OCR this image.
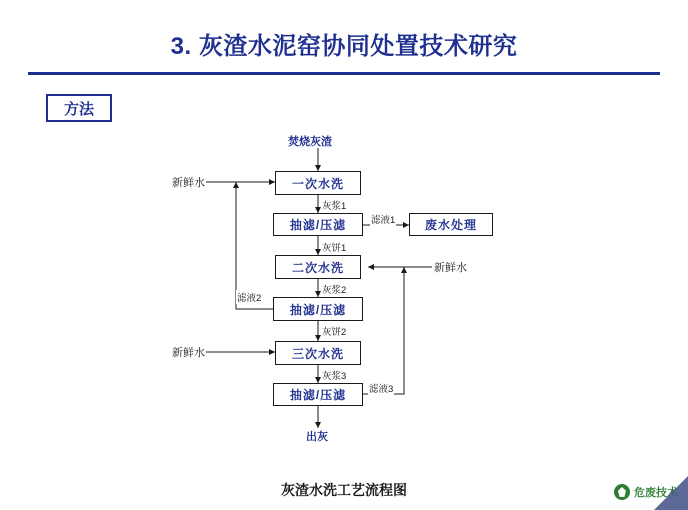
3. 灰渣水泥窑协同处置技术研究
方法
焚烧灰渣
一次水洗
抽滤/压滤
二次水洗
抽滤/压滤
三次水洗
抽滤/压滤
废水处理
出灰
新鲜水
新鲜水
新鲜水
灰浆1
灰饼1
滤液1
灰浆2
灰饼2
滤液2
灰浆3
滤液3
灰渣水洗工艺流程图	危废技术
